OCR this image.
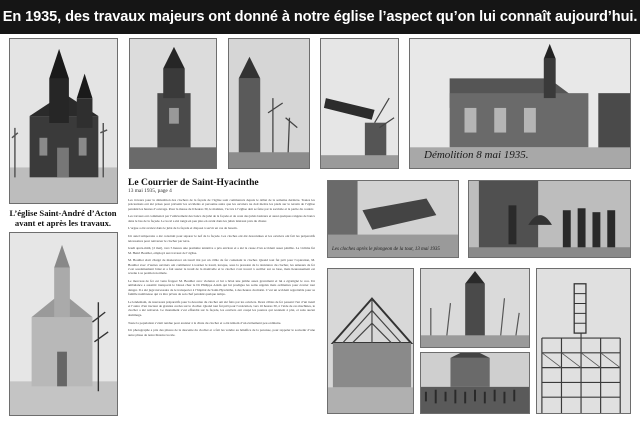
En 1935, des travaux majeurs ont donné à notre église l’aspect qu’on lui connaît aujourd’hui.
Démolition 8 mai 1935.
L’église Saint-André d’Acton
avant et après les travaux.
Le Courrier de Saint-Hyacinthe
13 mai 1935, page 4

Les travaux pour la démolition des clochers de la façade de l’église sont commencés depuis le début de la semaine dernière. Toutes les précautions ont été prises pour prévenir les accidents et personne autre que les ouvriers ne doit mettre les pieds sur le terrain de l’église pendant les heures d’ouvrage. Pour la messe de 6 heures 30, le matinée, l’accès à l’église doit se faire par la sacristie et la partie du couloir.

Les travaux ont commencé par l’enlèvement des bancs du jubé de la façade et de ceux des jubés latéraux et aussi quelques rangées de bancs dans le bas de la façade. Le local a été rangé en peu plus en avant dans les jubés latéraux près du chœur.

L’orgue a été avancé dans le jubé de la façade et disposé à servir en cas de besoin.

Un autel temporaire a été construit pour séparer le nef de la façade. Les cloches ont été descendues et les ouvriers ont fait les préparatifs nécessaires pour renverser le clocher par terre.

Jeudi après-midi, [2 mai], vers 5 heures une première tentative a pris environ et a été la cause d’un accident assez pénible. La victime fut M. Henri Bouthot, employé aux travaux de l’église.

M. Bouthot était chargé de manœuvrer un treuil tiré par un câble de fer contenant le clocher. Quand tout fut prêt pour l’opération, M. Bouthot avec d’autres ouvriers ont commencé à tourner le treuil, lorsque, sous la pression de la résistance du clocher, les anneaux de fer s’est soudainement brisé et a fait sauter le treuil de la manivelle et le clocher s’est trouvé à osciller sur sa base, mais heureusement est revenu à sa position normale.

Le morceau de fer est venu frapper M. Bouthot avec violence et lui a brisé une jambe assez gravement et lui a égratigné le cou. Un ambulance a aussitôt transporté le blessé chez le Dr Philippe Adam qui lui prodigua les soins urgents mais ordinaires pour écarter tout danger. Il a été jugé nécessaire de le transporter à l’hôpital de Saint-Hyacinthe, à des heures du matin. C’est un accident regrettable pour sa famille nombreuse qui va être privée de son chef pendant quelque temps.

Le lendemain, de nouveaux préparatifs pour la descente du clocher ont été faits par les ouvriers. Deux câbles de fer passant l’un d’un treuil et l’autre d’un tracteur de grandes cordes sur le clocher. Quand tout fut prêt pour l’exécution, vers 16 heures 30, à l’aide de ces machines, le clocher a été renversé. Le monument s’est effondré sur la façade, les ouvriers ont coupé les poutres qui restaient à plat, et sans aucun dommage.

Toute la population s’était rendue pour assister à la chute du clocher et a été témoin d’un événement peu ordinaire.

Un photographe a pris des photos de la descente du clocher et a fait les vendre au bénéfice de la paroisse, pour rappeler le souvenir d’une autre phase de notre histoire locale.

Les cloches après le plongeon de la tour, 13 mai 1935
